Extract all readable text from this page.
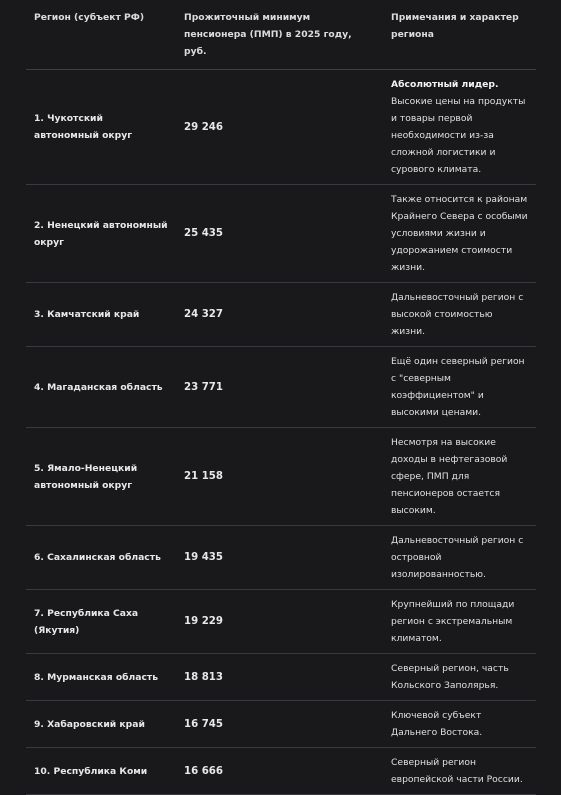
Регион (субъект РФ)	Прожиточный минимум пенсионера (ПМП) в 2025 году, руб.	Примечания и характер региона
1. Чукотский автономный округ	29 246	Абсолютный лидер. Высокие цены на продукты и товары первой необходимости из-за сложной логистики и сурового климата.
2. Ненецкий автономный округ	25 435	Также относится к районам Крайнего Севера с особыми условиями жизни и удорожанием стоимости жизни.
3. Камчатский край	24 327	Дальневосточный регион с высокой стоимостью жизни.
4. Магаданская область	23 771	Ещё один северный регион с "северным коэффициентом" и высокими ценами.
5. Ямало-Ненецкий автономный округ	21 158	Несмотря на высокие доходы в нефтегазовой сфере, ПМП для пенсионеров остается высоким.
6. Сахалинская область	19 435	Дальневосточный регион с островной изолированностью.
7. Республика Саха (Якутия)	19 229	Крупнейший по площади регион с экстремальным климатом.
8. Мурманская область	18 813	Северный регион, часть Кольского Заполярья.
9. Хабаровский край	16 745	Ключевой субъект Дальнего Востока.
10. Республика Коми	16 666	Северный регион европейской части России.
